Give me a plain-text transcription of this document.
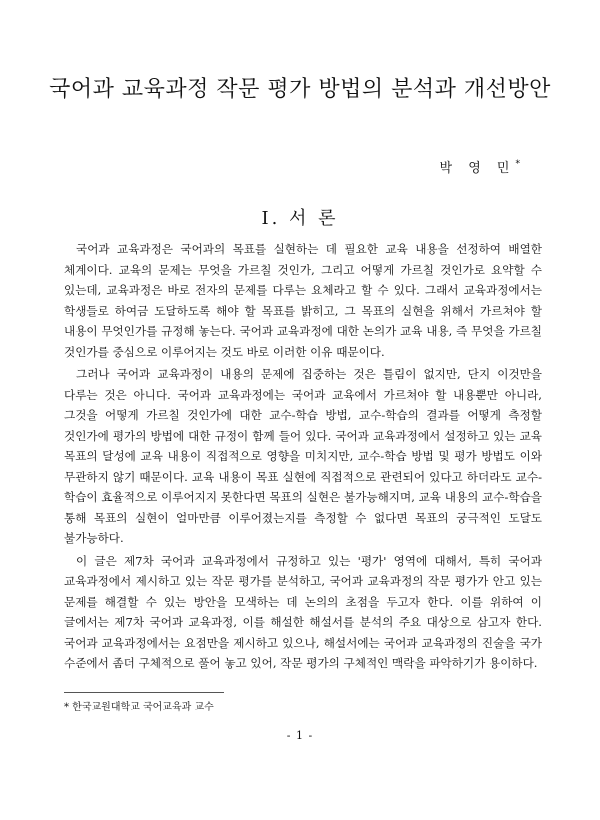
국어과 교육과정 작문 평가 방법의 분석과 개선방안
박 영 민*
Ⅰ. 서 론

국어과 교육과정은 국어과의 목표를 실현하는 데 필요한 교육 내용을 선정하여 배열한 체계이다. 교육의 문제는 무엇을 가르칠 것인가, 그리고 어떻게 가르칠 것인가로 요약할 수 있는데, 교육과정은 바로 전자의 문제를 다루는 요체라고 할 수 있다. 그래서 교육과정에서는 학생들로 하여금 도달하도록 해야 할 목표를 밝히고, 그 목표의 실현을 위해서 가르쳐야 할 내용이 무엇인가를 규정해 놓는다. 국어과 교육과정에 대한 논의가 교육 내용, 즉 무엇을 가르칠 것인가를 중심으로 이루어지는 것도 바로 이러한 이유 때문이다.

그러나 국어과 교육과정이 내용의 문제에 집중하는 것은 틀림이 없지만, 단지 이것만을 다루는 것은 아니다. 국어과 교육과정에는 국어과 교육에서 가르쳐야 할 내용뿐만 아니라, 그것을 어떻게 가르칠 것인가에 대한 교수-학습 방법, 교수-학습의 결과를 어떻게 측정할 것인가에 평가의 방법에 대한 규정이 함께 들어 있다. 국어과 교육과정에서 설정하고 있는 교육 목표의 달성에 교육 내용이 직접적으로 영향을 미치지만, 교수-학습 방법 및 평가 방법도 이와 무관하지 않기 때문이다. 교육 내용이 목표 실현에 직접적으로 관련되어 있다고 하더라도 교수-학습이 효율적으로 이루어지지 못한다면 목표의 실현은 불가능해지며, 교육 내용의 교수-학습을 통해 목표의 실현이 얼마만큼 이루어졌는지를 측정할 수 없다면 목표의 궁극적인 도달도 불가능하다.

이 글은 제7차 국어과 교육과정에서 규정하고 있는 '평가' 영역에 대해서, 특히 국어과 교육과정에서 제시하고 있는 작문 평가를 분석하고, 국어과 교육과정의 작문 평가가 안고 있는 문제를 해결할 수 있는 방안을 모색하는 데 논의의 초점을 두고자 한다. 이를 위하여 이 글에서는 제7차 국어과 교육과정, 이를 해설한 해설서를 분석의 주요 대상으로 삼고자 한다. 국어과 교육과정에서는 요점만을 제시하고 있으나, 해설서에는 국어과 교육과정의 진술을 국가 수준에서 좀더 구체적으로 풀어 놓고 있어, 작문 평가의 구체적인 맥락을 파악하기가 용이하다.

* 한국교원대학교 국어교육과 교수
- 1 -
